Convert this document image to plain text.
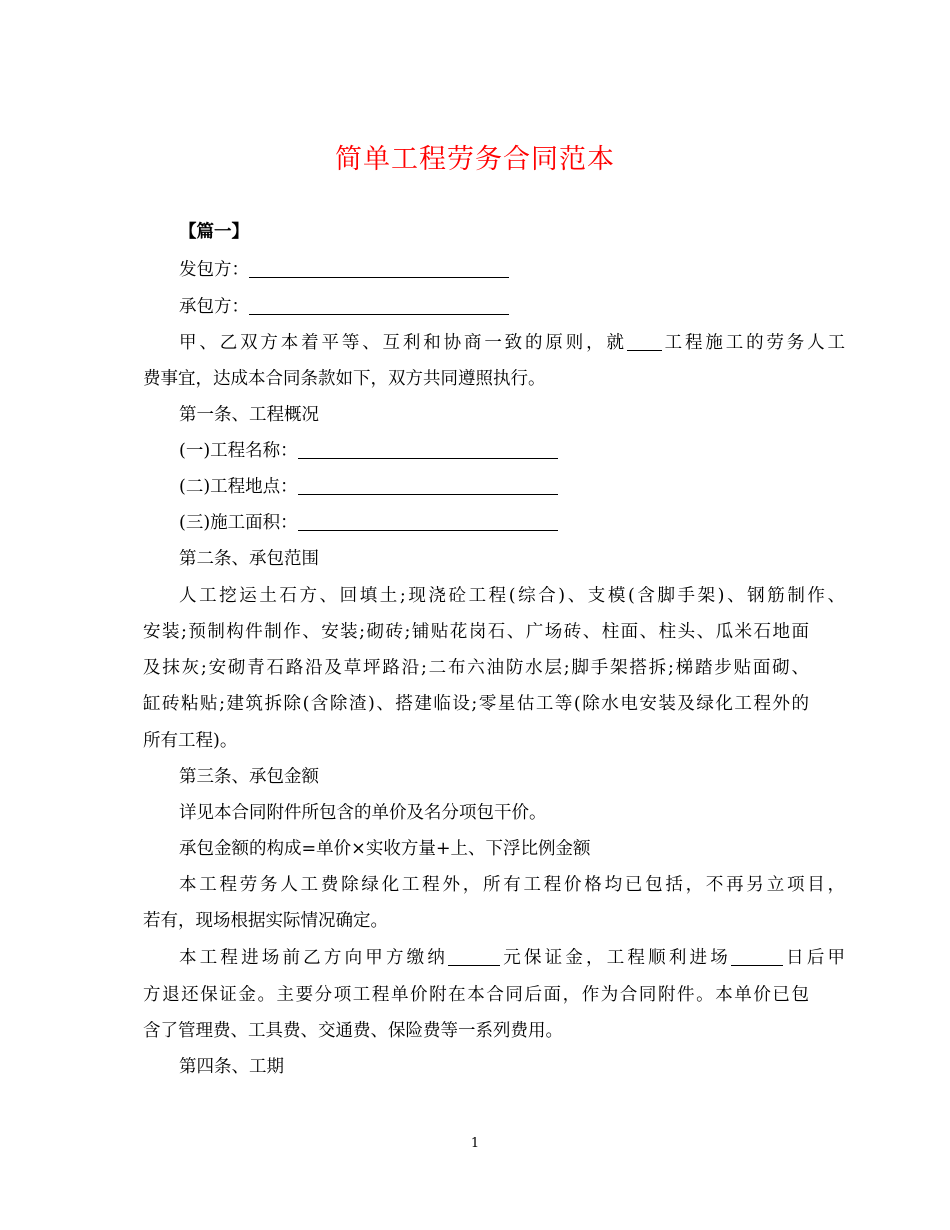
简单工程劳务合同范本
【篇一】
发包方：
承包方：
甲、乙双方本着平等、互利和协商一致的原则，就 工程施工的劳务人工
费事宜，达成本合同条款如下，双方共同遵照执行。
第一条、工程概况
(一)工程名称：
(二)工程地点：
(三)施工面积：
第二条、承包范围
人工挖运土石方、回填土;现浇砼工程(综合)、支模(含脚手架)、钢筋制作、
安装;预制构件制作、安装;砌砖;铺贴花岗石、广场砖、柱面、柱头、瓜米石地面
及抹灰;安砌青石路沿及草坪路沿;二布六油防水层;脚手架搭拆;梯踏步贴面砌、
缸砖粘贴;建筑拆除(含除渣)、搭建临设;零星估工等(除水电安装及绿化工程外的
所有工程)。
第三条、承包金额
详见本合同附件所包含的单价及名分项包干价。
承包金额的构成=单价×实收方量+上、下浮比例金额
本工程劳务人工费除绿化工程外，所有工程价格均已包括，不再另立项目，
若有，现场根据实际情况确定。
本工程进场前乙方向甲方缴纳	元保证金，工程顺利进场	日后甲
方退还保证金。主要分项工程单价附在本合同后面，作为合同附件。本单价已包
含了管理费、工具费、交通费、保险费等一系列费用。
第四条、工期
1
